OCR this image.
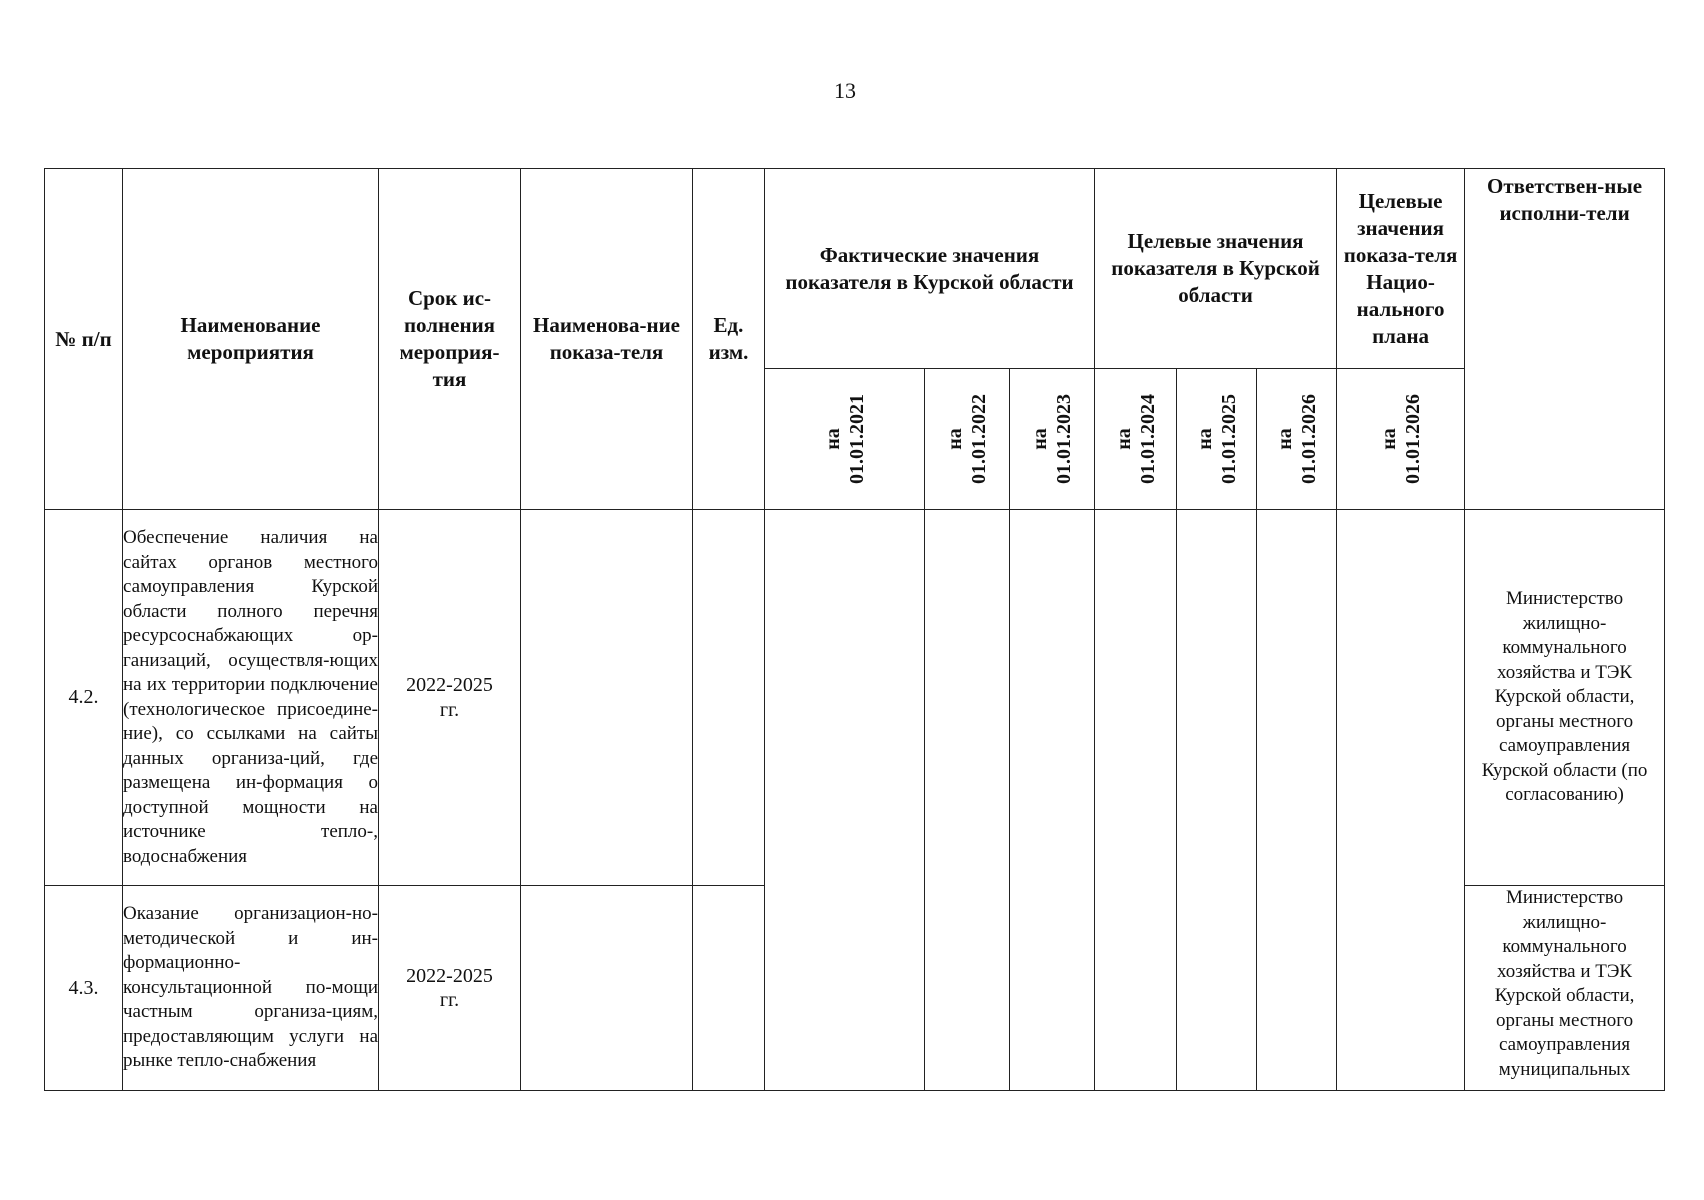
13
№ п/п	Наименование мероприятия	Срок ис-полнения мероприя-тия	Наименова-ние показа-теля	Ед. изм.	Фактические значения показателя в Курской области			Целевые значения показателя в Курской области			Целевые значения показа-теля Нацио-нального плана	Ответствен-ные исполни-тели

					на 01.01.2021	на 01.01.2022	на 01.01.2023	на 01.01.2024	на 01.01.2025	на 01.01.2026	на 01.01.2026	

4.2.	Обеспечение наличия на сайтах органов местного самоуправления Курской области полного перечня ресурсоснабжающих ор-ганизаций, осуществля-ющих на их территории подключение (технологическое присоедине-ние), со ссылками на сайты данных организа-ций, где размещена ин-формация о доступной мощности на источнике тепло-, водоснабжения	2022-2025
гг.										Министерство жилищно-коммунального хозяйства и ТЭК Курской области, органы местного самоуправления Курской области (по согласованию)
4.3.	Оказание организацион-но-методической и ин-формационно-консультационной по-мощи частным организа-циям, предоставляющим услуги на рынке тепло-снабжения	2022-2025
гг.										Министерство жилищно-коммунального хозяйства и ТЭК Курской области, органы местного самоуправления муниципальных
